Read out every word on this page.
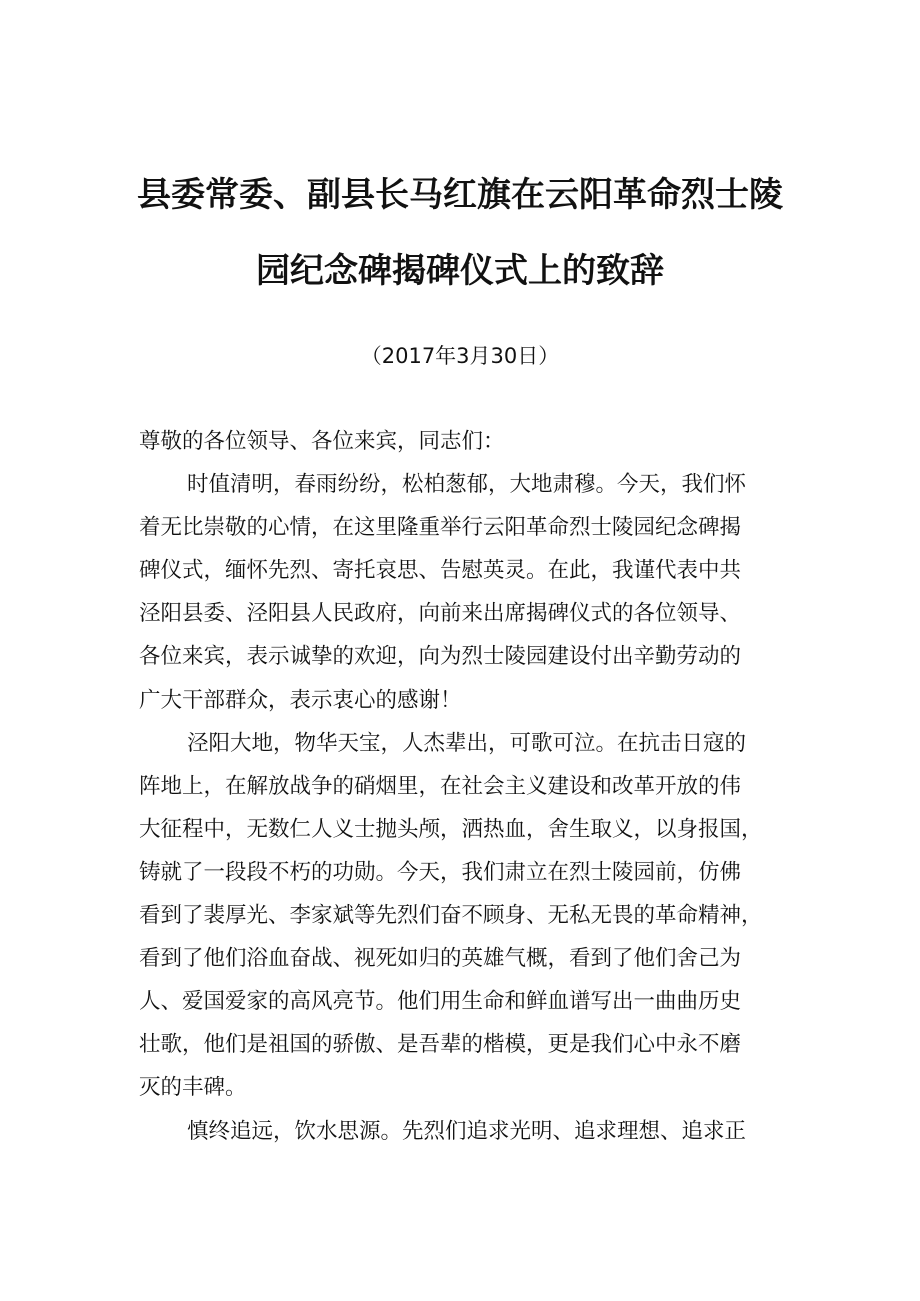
县委常委、副县长马红旗在云阳革命烈士陵
园纪念碑揭碑仪式上的致辞
（2017年3月30日）
尊敬的各位领导、各位来宾，同志们：
时值清明，春雨纷纷，松柏葱郁，大地肃穆。今天，我们怀
着无比崇敬的心情，在这里隆重举行云阳革命烈士陵园纪念碑揭
碑仪式，缅怀先烈、寄托哀思、告慰英灵。在此，我谨代表中共
泾阳县委、泾阳县人民政府，向前来出席揭碑仪式的各位领导、
各位来宾，表示诚挚的欢迎，向为烈士陵园建设付出辛勤劳动的
广大干部群众，表示衷心的感谢！
泾阳大地，物华天宝，人杰辈出，可歌可泣。在抗击日寇的
阵地上，在解放战争的硝烟里，在社会主义建设和改革开放的伟
大征程中，无数仁人义士抛头颅，洒热血，舍生取义，以身报国，
铸就了一段段不朽的功勋。今天，我们肃立在烈士陵园前，仿佛
看到了裴厚光、李家斌等先烈们奋不顾身、无私无畏的革命精神，
看到了他们浴血奋战、视死如归的英雄气概，看到了他们舍己为
人、爱国爱家的高风亮节。他们用生命和鲜血谱写出一曲曲历史
壮歌，他们是祖国的骄傲、是吾辈的楷模，更是我们心中永不磨
灭的丰碑。
慎终追远，饮水思源。先烈们追求光明、追求理想、追求正
